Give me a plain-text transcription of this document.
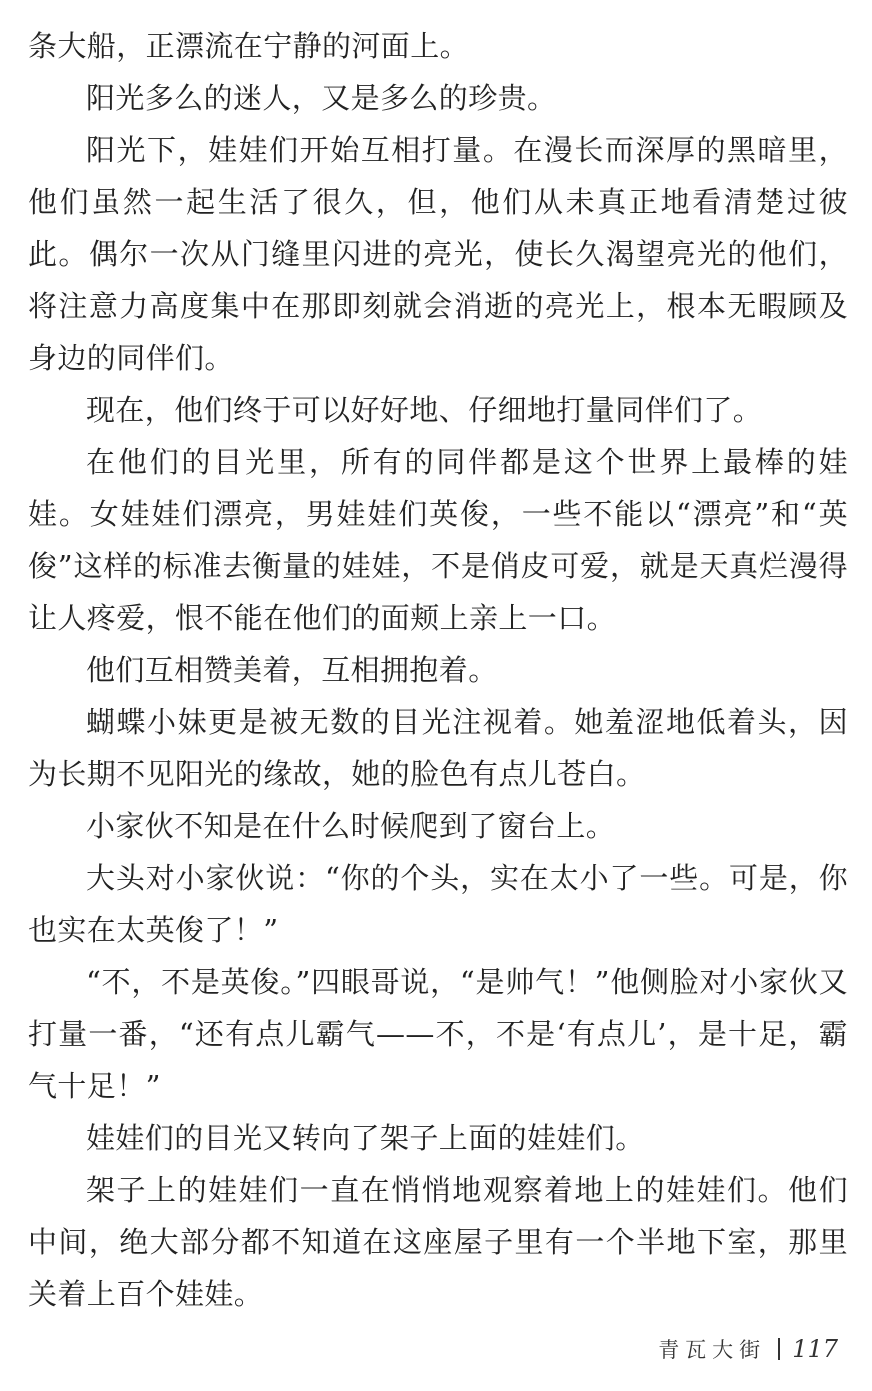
条大船，正漂流在宁静的河面上。

阳光多么的迷人，又是多么的珍贵。

阳光下，娃娃们开始互相打量。在漫长而深厚的黑暗里，他们虽然一起生活了很久，但，他们从未真正地看清楚过彼此。偶尔一次从门缝里闪进的亮光，使长久渴望亮光的他们，将注意力高度集中在那即刻就会消逝的亮光上，根本无暇顾及身边的同伴们。

现在，他们终于可以好好地、仔细地打量同伴们了。

在他们的目光里，所有的同伴都是这个世界上最棒的娃娃。女娃娃们漂亮，男娃娃们英俊，一些不能以“漂亮”和“英俊”这样的标准去衡量的娃娃，不是俏皮可爱，就是天真烂漫得让人疼爱，恨不能在他们的面颊上亲上一口。

他们互相赞美着，互相拥抱着。

蝴蝶小妹更是被无数的目光注视着。她羞涩地低着头，因为长期不见阳光的缘故，她的脸色有点儿苍白。

小家伙不知是在什么时候爬到了窗台上。

大头对小家伙说：“你的个头，实在太小了一些。可是，你也实在太英俊了！”

“不，不是英俊。”四眼哥说，“是帅气！”他侧脸对小家伙又打量一番，“还有点儿霸气——不，不是‘有点儿’，是十足，霸气十足！”

娃娃们的目光又转向了架子上面的娃娃们。

架子上的娃娃们一直在悄悄地观察着地上的娃娃们。他们中间，绝大部分都不知道在这座屋子里有一个半地下室，那里关着上百个娃娃。

青瓦大街 117
